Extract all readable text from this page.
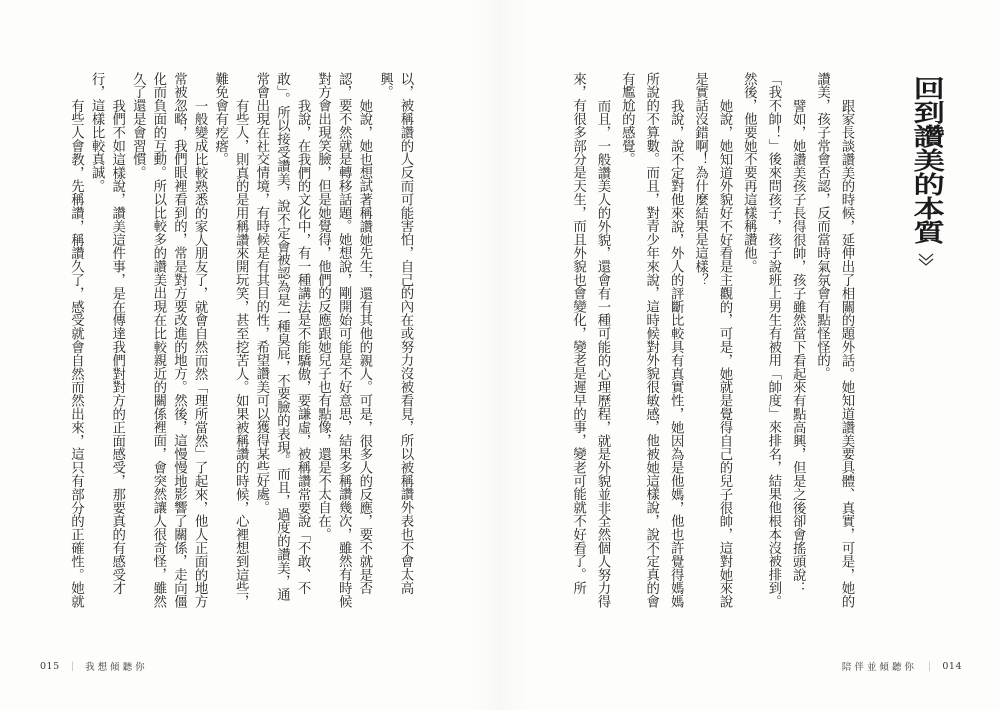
以，被稱讚的人反而可能害怕，自己的內在或努力沒被看見，所以被稱讚外表也不會太高
興。
她說，她也想試著稱讚她先生，還有其他的親人。可是，很多人的反應，要不就是否
認，要不然就是轉移話題。她想說，剛開始可能是不好意思，結果多稱讚幾次，雖然有時候
對方會出現笑臉，但是她覺得，他們的反應跟她兒子也有點像，還是不太自在。
我說，在我們的文化中，有一種講法是不能驕傲，要謙虛，被稱讚常要說「不敢、不
敢」。所以接受讚美，說不定會被認為是一種臭屁，不要臉的表現。而且，過度的讚美，通
常會出現在社交情境，有時候是有其目的性，希望讚美可以獲得某些好處。
有些人，則真的是用稱讚來開玩笑，甚至挖苦人。如果被稱讚的時候，心裡想到這些，
難免會有疙瘩。
一般變成比較熟悉的家人朋友了，就會自然而然「理所當然」了起來，他人正面的地方
常被忽略，我們眼裡看到的，常是對方要改進的地方。然後，這慢慢地影響了關係，走向僵
化而負面的互動。所以比較多的讚美出現在比較親近的關係裡面，會突然讓人很奇怪，雖然
久了還是會習慣。
我們不如這樣說，讚美這件事，是在傳達我們對對方的正面感受，那要真的有感受才
行，這樣比較真誠。
有些人會教，先稱讚，稱讚久了，感受就會自然而然出來，這只有部分的正確性。她就
015 ｜ 我想傾聽你
回到讚美的本質
跟家長談讚美的時候，延伸出了相關的題外話。她知道讚美要具體、真實，可是，她的
讚美，孩子常會否認，反而當時氣氛會有點怪怪的。
譬如，她讚美孩子長得很帥，孩子雖然當下看起來有點高興，但是之後卻會搖頭說：
「我不帥！」後來問孩子，孩子說班上男生有被用「帥度」來排名，結果他根本沒被排到。
然後，他要她不要再這樣稱讚他。
她說，她知道外貌好不好看是主觀的，可是，她就是覺得自己的兒子很帥，這對她來說
是實話沒錯啊！為什麼結果是這樣？
我說，說不定對他來說，外人的評斷比較具有真實性，她因為是他媽，他也許覺得媽媽
所說的不算數。而且，對青少年來說，這時候對外貌很敏感，他被她這樣說，說不定真的會
有尷尬的感覺。
而且，一般讚美人的外貌，還會有一種可能的心理歷程，就是外貌並非全然個人努力得
來，有很多部分是天生，而且外貌也會變化，變老是遲早的事，變老可能就不好看了。所
陪伴並傾聽你 ｜ 014
